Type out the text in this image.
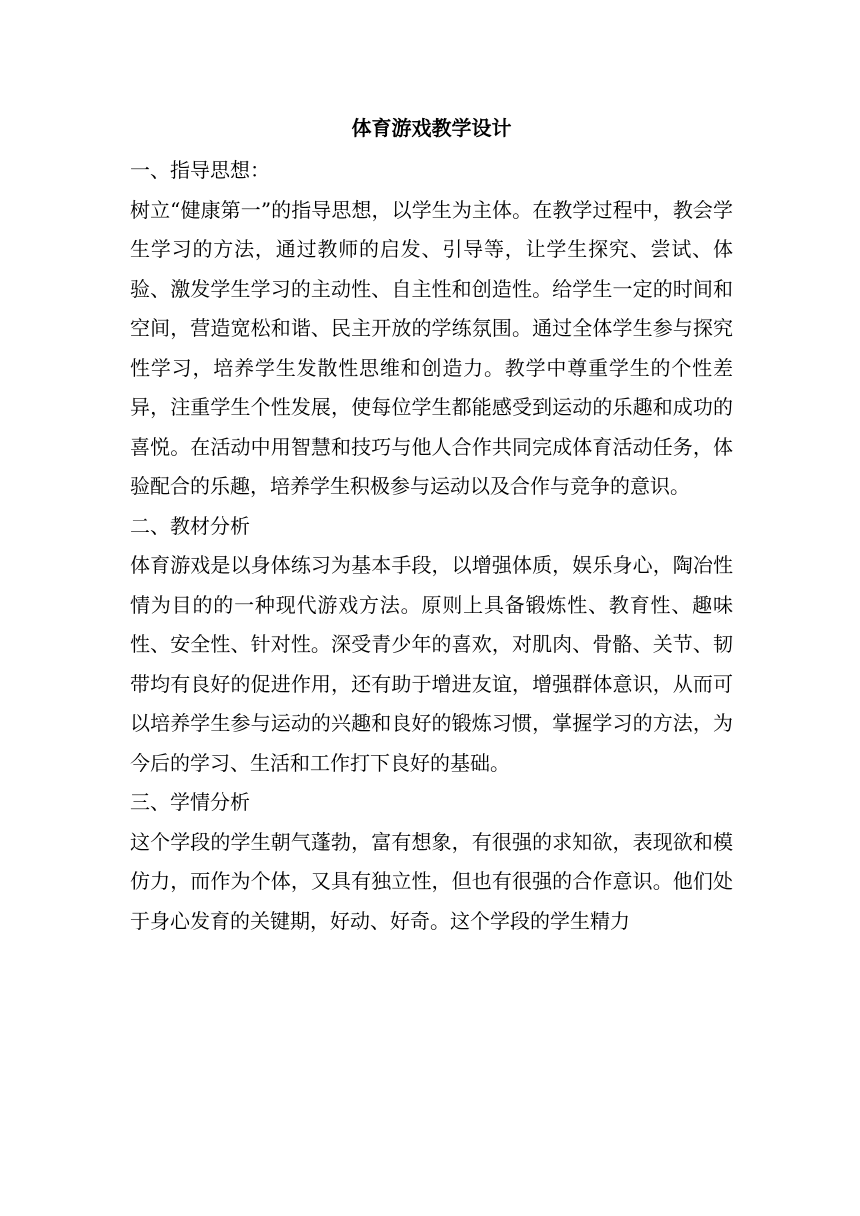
体育游戏教学设计

一、指导思想：

树立“健康第一”的指导思想，以学生为主体。在教学过程中，教会学生学习的方法，通过教师的启发、引导等，让学生探究、尝试、体验、激发学生学习的主动性、自主性和创造性。给学生一定的时间和空间，营造宽松和谐、民主开放的学练氛围。通过全体学生参与探究性学习，培养学生发散性思维和创造力。教学中尊重学生的个性差异，注重学生个性发展，使每位学生都能感受到运动的乐趣和成功的喜悦。在活动中用智慧和技巧与他人合作共同完成体育活动任务，体验配合的乐趣，培养学生积极参与运动以及合作与竞争的意识。

二、教材分析

体育游戏是以身体练习为基本手段，以增强体质，娱乐身心，陶冶性情为目的的一种现代游戏方法。原则上具备锻炼性、教育性、趣味性、安全性、针对性。深受青少年的喜欢，对肌肉、骨骼、关节、韧带均有良好的促进作用，还有助于增进友谊，增强群体意识，从而可以培养学生参与运动的兴趣和良好的锻炼习惯，掌握学习的方法，为今后的学习、生活和工作打下良好的基础。

三、学情分析

这个学段的学生朝气蓬勃，富有想象，有很强的求知欲，表现欲和模仿力，而作为个体，又具有独立性，但也有很强的合作意识。他们处于身心发育的关键期，好动、好奇。这个学段的学生精力
